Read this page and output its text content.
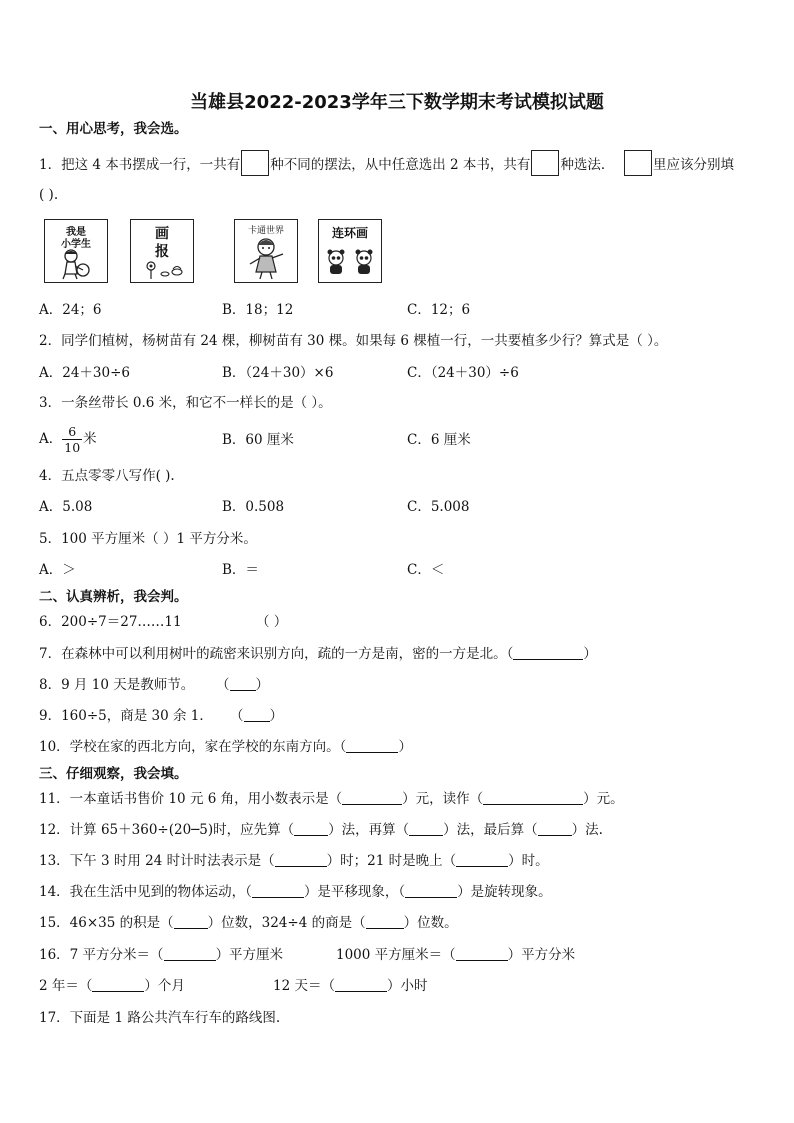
当雄县2022-2023学年三下数学期末考试模拟试题
一、用心思考，我会选。
1．把这 4 本书摆成一行，一共有 种不同的摆法，从中任意选出 2 本书，共有 种选法．	里应该分别填
( ).
我是
小学生
画
报
卡通世界	连环画
A．24；6	B．18；12	C．12；6
2．同学们植树，杨树苗有 24 棵，柳树苗有 30 棵。如果每 6 棵植一行，一共要植多少行？算式是（ ）。
A．24＋30÷6	B．（24＋30）×6	C．（24＋30）÷6
3．一条丝带长 0.6 米，和它不一样长的是（ ）。
A． $\frac{6}{10}$ 米	B．60 厘米	C．6 厘米
4．五点零零八写作( ).
A．5.08	B．0.508	C．5.008
5．100 平方厘米（ ）1 平方分米。
A．＞	B．＝	C．＜
二、认真辨析，我会判。
6．200÷7＝27……11	（ ）
7．在森林中可以利用树叶的疏密来识别方向，疏的一方是南，密的一方是北。（	）
8．9 月 10 天是教师节。 （ ）
9．160÷5，商是 30 余 1． （ ）
10．学校在家的西北方向，家在学校的东南方向。（	）
三、仔细观察，我会填。
11．一本童话书售价 10 元 6 角，用小数表示是（	）元，读作（	）元。
12．计算 65＋360÷(20─5)时，应先算（	）法，再算（	）法，最后算（	）法.
13．下午 3 时用 24 时计时法表示是（	）时；21 时是晚上（	）时。
14．我在生活中见到的物体运动，（	）是平移现象，（	）是旋转现象。
15．46×35 的积是（	）位数，324÷4 的商是（	）位数。
16．7 平方分米＝（	）平方厘米	1000 平方厘米＝（	）平方分米
2 年＝（	）个月	12 天＝（	）小时
17．下面是 1 路公共汽车行车的路线图.
